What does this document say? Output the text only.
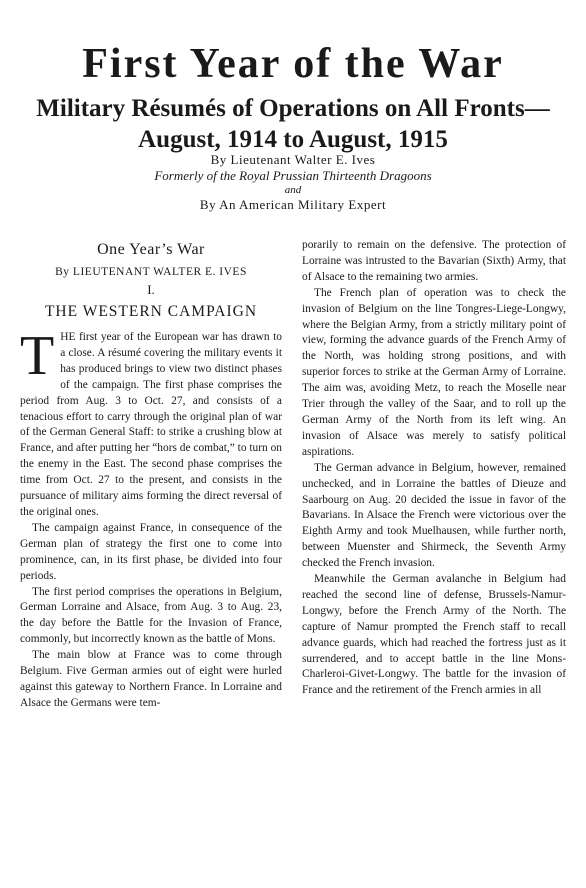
First Year of the War
Military Résumés of Operations on All Fronts—
August, 1914 to August, 1915
By Lieutenant Walter E. Ives
Formerly of the Royal Prussian Thirteenth Dragoons
and
By An American Military Expert
One Year’s War
By LIEUTENANT WALTER E. IVES
I.
THE WESTERN CAMPAIGN

THE first year of the European war has drawn to a close. A résumé covering the military events it has produced brings to view two distinct phases of the campaign. The first phase comprises the period from Aug. 3 to Oct. 27, and consists of a tenacious effort to carry through the original plan of war of the German General Staff: to strike a crushing blow at France, and after putting her “hors de combat,” to turn on the enemy in the East. The second phase comprises the time from Oct. 27 to the present, and consists in the pursuance of military aims forming the direct reversal of the original ones.

The campaign against France, in consequence of the German plan of strategy the first one to come into prominence, can, in its first phase, be divided into four periods.

The first period comprises the operations in Belgium, German Lorraine and Alsace, from Aug. 3 to Aug. 23, the day before the Battle for the Invasion of France, commonly, but incorrectly known as the battle of Mons.

The main blow at France was to come through Belgium. Five German armies out of eight were hurled against this gateway to Northern France. In Lorraine and Alsace the Germans were tem-

porarily to remain on the defensive. The protection of Lorraine was intrusted to the Bavarian (Sixth) Army, that of Alsace to the remaining two armies.

The French plan of operation was to check the invasion of Belgium on the line Tongres-Liege-Longwy, where the Belgian Army, from a strictly military point of view, forming the advance guards of the French Army of the North, was holding strong positions, and with superior forces to strike at the German Army of Lorraine. The aim was, avoiding Metz, to reach the Moselle near Trier through the valley of the Saar, and to roll up the German Army of the North from its left wing. An invasion of Alsace was merely to satisfy political aspirations.

The German advance in Belgium, however, remained unchecked, and in Lorraine the battles of Dieuze and Saarbourg on Aug. 20 decided the issue in favor of the Bavarians. In Alsace the French were victorious over the Eighth Army and took Muelhausen, while further north, between Muenster and Shirmeck, the Seventh Army checked the French invasion.

Meanwhile the German avalanche in Belgium had reached the second line of defense, Brussels-Namur-Longwy, before the French Army of the North. The capture of Namur prompted the French staff to recall advance guards, which had reached the fortress just as it surrendered, and to accept battle in the line Mons-Charleroi-Givet-Longwy. The battle for the invasion of France and the retirement of the French armies in all
